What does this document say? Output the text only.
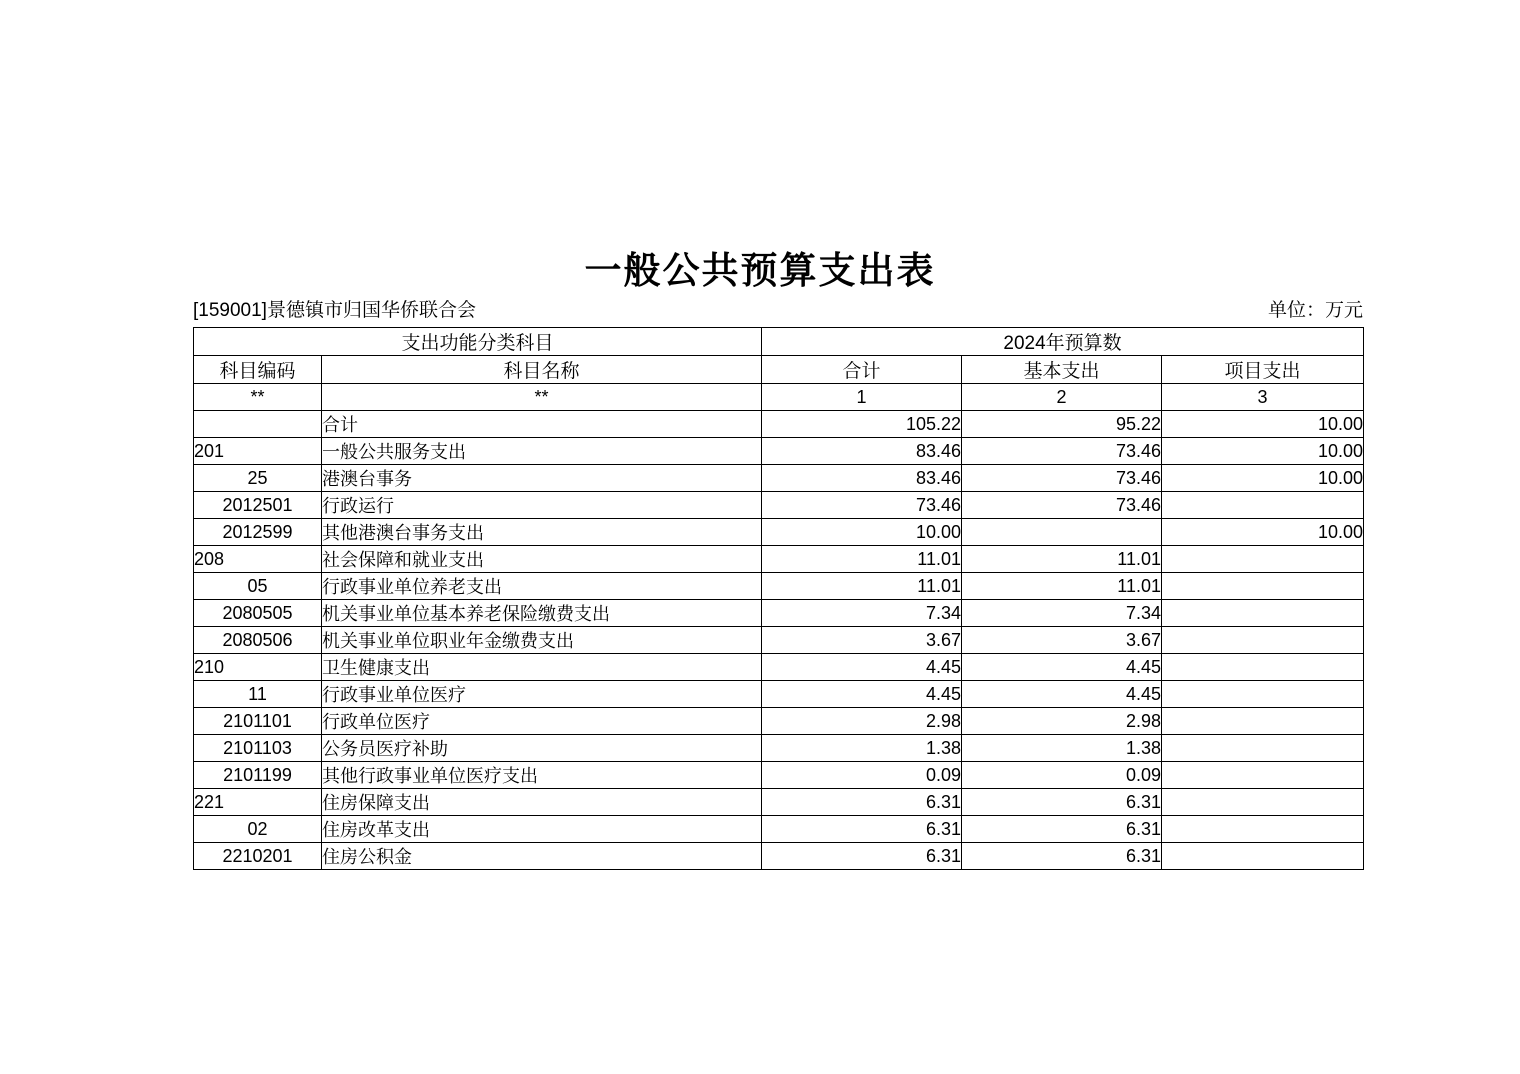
一般公共预算支出表
[159001]景德镇市归国华侨联合会	单位：万元
支出功能分类科目		2024年预算数		
科目编码	科目名称	合计	基本支出	项目支出
**	**	1	2	3
	合计	105.22	95.22	10.00
201	一般公共服务支出	83.46	73.46	10.00
25	港澳台事务	83.46	73.46	10.00
2012501	行政运行	73.46	73.46	
2012599	其他港澳台事务支出	10.00		10.00
208	社会保障和就业支出	11.01	11.01	
05	行政事业单位养老支出	11.01	11.01	
2080505	机关事业单位基本养老保险缴费支出	7.34	7.34	
2080506	机关事业单位职业年金缴费支出	3.67	3.67	
210	卫生健康支出	4.45	4.45	
11	行政事业单位医疗	4.45	4.45	
2101101	行政单位医疗	2.98	2.98	
2101103	公务员医疗补助	1.38	1.38	
2101199	其他行政事业单位医疗支出	0.09	0.09	
221	住房保障支出	6.31	6.31	
02	住房改革支出	6.31	6.31	
2210201	住房公积金	6.31	6.31	
